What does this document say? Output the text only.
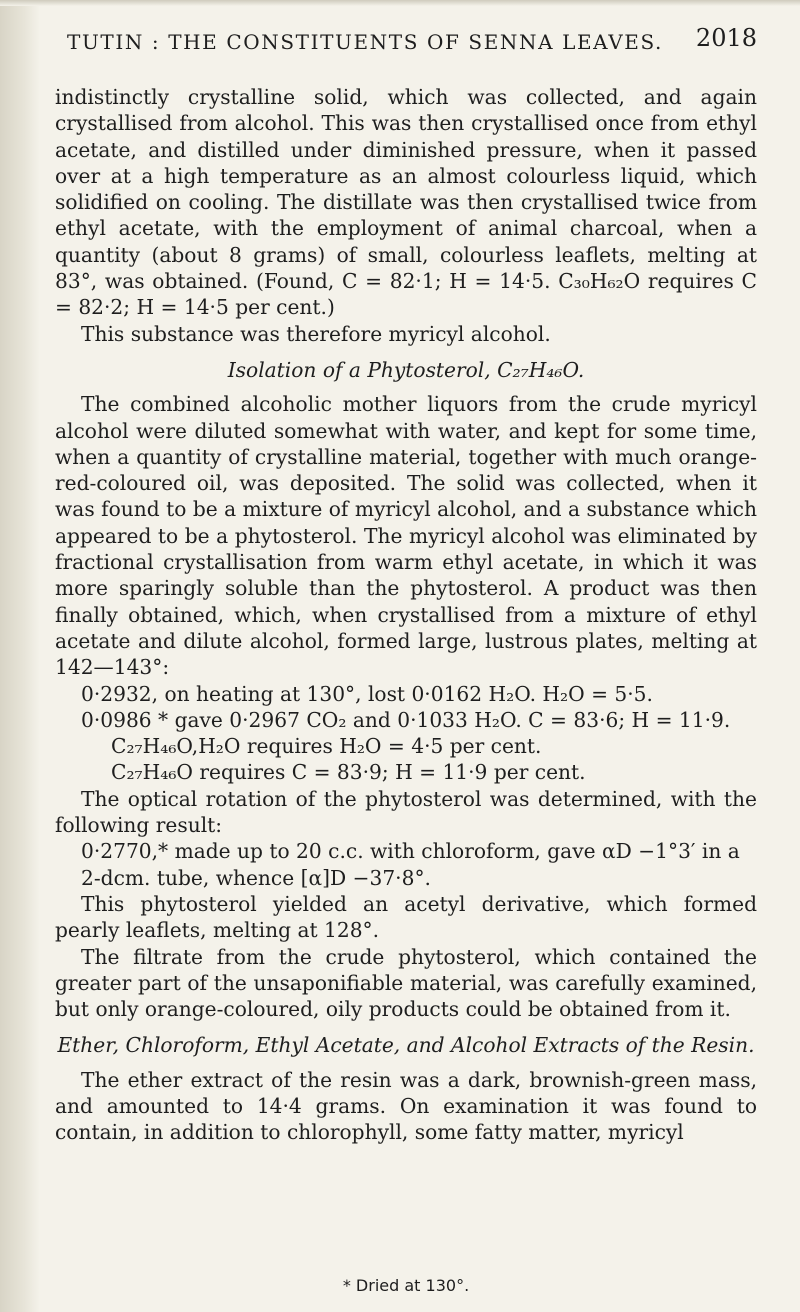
TUTIN : THE CONSTITUENTS OF SENNA LEAVES. 2018

indistinctly crystalline solid, which was collected, and again crystallised from alcohol. This was then crystallised once from ethyl acetate, and distilled under diminished pressure, when it passed over at a high temperature as an almost colourless liquid, which solidified on cooling. The distillate was then crystallised twice from ethyl acetate, with the employment of animal charcoal, when a quantity (about 8 grams) of small, colourless leaflets, melting at 83°, was obtained. (Found, C = 82·1; H = 14·5. C₃₀H₆₂O requires C = 82·2; H = 14·5 per cent.)

This substance was therefore myricyl alcohol.

Isolation of a Phytosterol, C₂₇H₄₆O.

The combined alcoholic mother liquors from the crude myricyl alcohol were diluted somewhat with water, and kept for some time, when a quantity of crystalline material, together with much orange-red-coloured oil, was deposited. The solid was collected, when it was found to be a mixture of myricyl alcohol, and a substance which appeared to be a phytosterol. The myricyl alcohol was eliminated by fractional crystallisation from warm ethyl acetate, in which it was more sparingly soluble than the phytosterol. A product was then finally obtained, which, when crystallised from a mixture of ethyl acetate and dilute alcohol, formed large, lustrous plates, melting at 142—143°:

0·2932, on heating at 130°, lost 0·0162 H₂O. H₂O = 5·5.

0·0986 * gave 0·2967 CO₂ and 0·1033 H₂O. C = 83·6; H = 11·9.

C₂₇H₄₆O,H₂O requires H₂O = 4·5 per cent.

C₂₇H₄₆O requires C = 83·9; H = 11·9 per cent.

The optical rotation of the phytosterol was determined, with the following result:

0·2770,* made up to 20 c.c. with chloroform, gave αD −1°3′ in a 2-dcm. tube, whence [α]D −37·8°.

This phytosterol yielded an acetyl derivative, which formed pearly leaflets, melting at 128°.

The filtrate from the crude phytosterol, which contained the greater part of the unsaponifiable material, was carefully examined, but only orange-coloured, oily products could be obtained from it.

Ether, Chloroform, Ethyl Acetate, and Alcohol Extracts of the Resin.

The ether extract of the resin was a dark, brownish-green mass, and amounted to 14·4 grams. On examination it was found to contain, in addition to chlorophyll, some fatty matter, myricyl

* Dried at 130°.
